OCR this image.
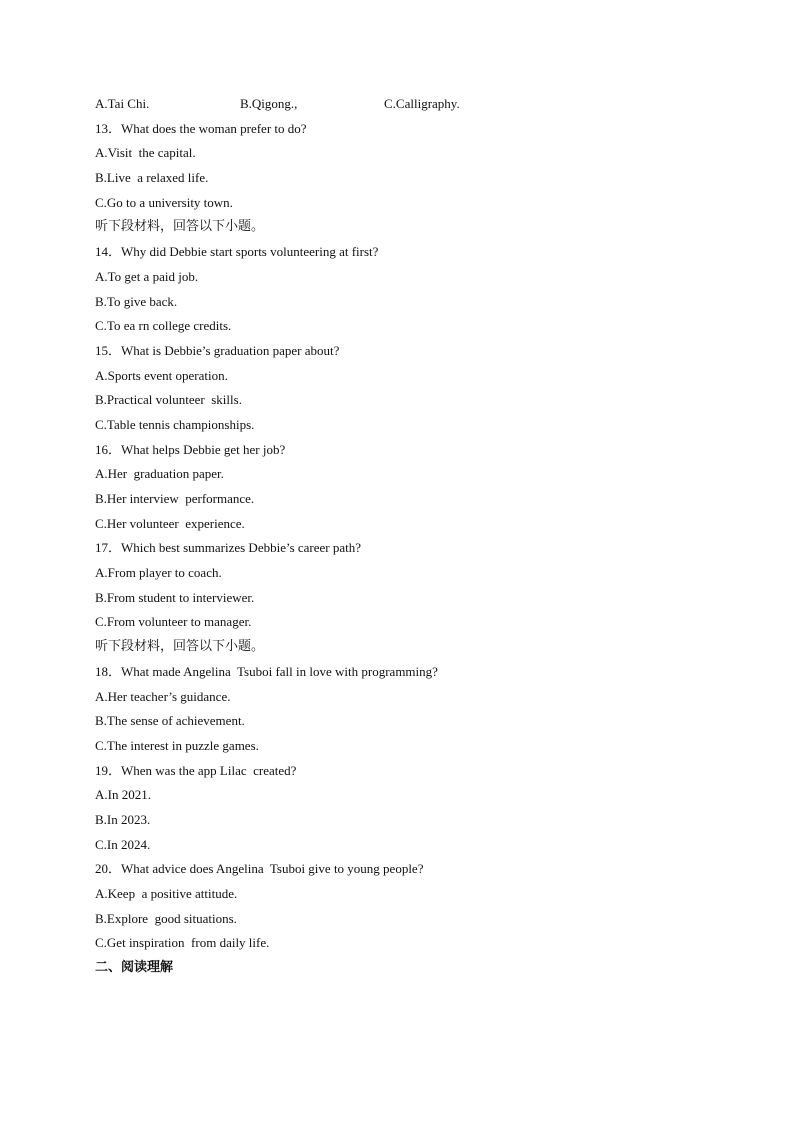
A.Tai Chi.

	B.Qigong.,

	C.Calligraphy.

13．What does the woman prefer to do?
A.Visit  the capital.
B.Live  a relaxed life.
C.Go to a university town.
听下段材料，回答以下小题。
14．Why did Debbie start sports volunteering at first?
A.To get a paid job.
B.To give back.
C.To ea rn college credits.
15．What is Debbie’s graduation paper about?
A.Sports event operation.
B.Practical volunteer  skills.
C.Table tennis championships.
16．What helps Debbie get her job?
A.Her  graduation paper.
B.Her interview  performance.
C.Her volunteer  experience.
17．Which best summarizes Debbie’s career path?
A.From player to coach.
B.From student to interviewer.
C.From volunteer to manager.
听下段材料，回答以下小题。
18．What made Angelina  Tsuboi fall in love with programming?
A.Her teacher’s guidance.
B.The sense of achievement.
C.The interest in puzzle games.
19．When was the app Lilac  created?
A.In 2021.
B.In 2023.
C.In 2024.
20．What advice does Angelina  Tsuboi give to young people?
A.Keep  a positive attitude.
B.Explore  good situations.
C.Get inspiration  from daily life.
二、阅读理解
